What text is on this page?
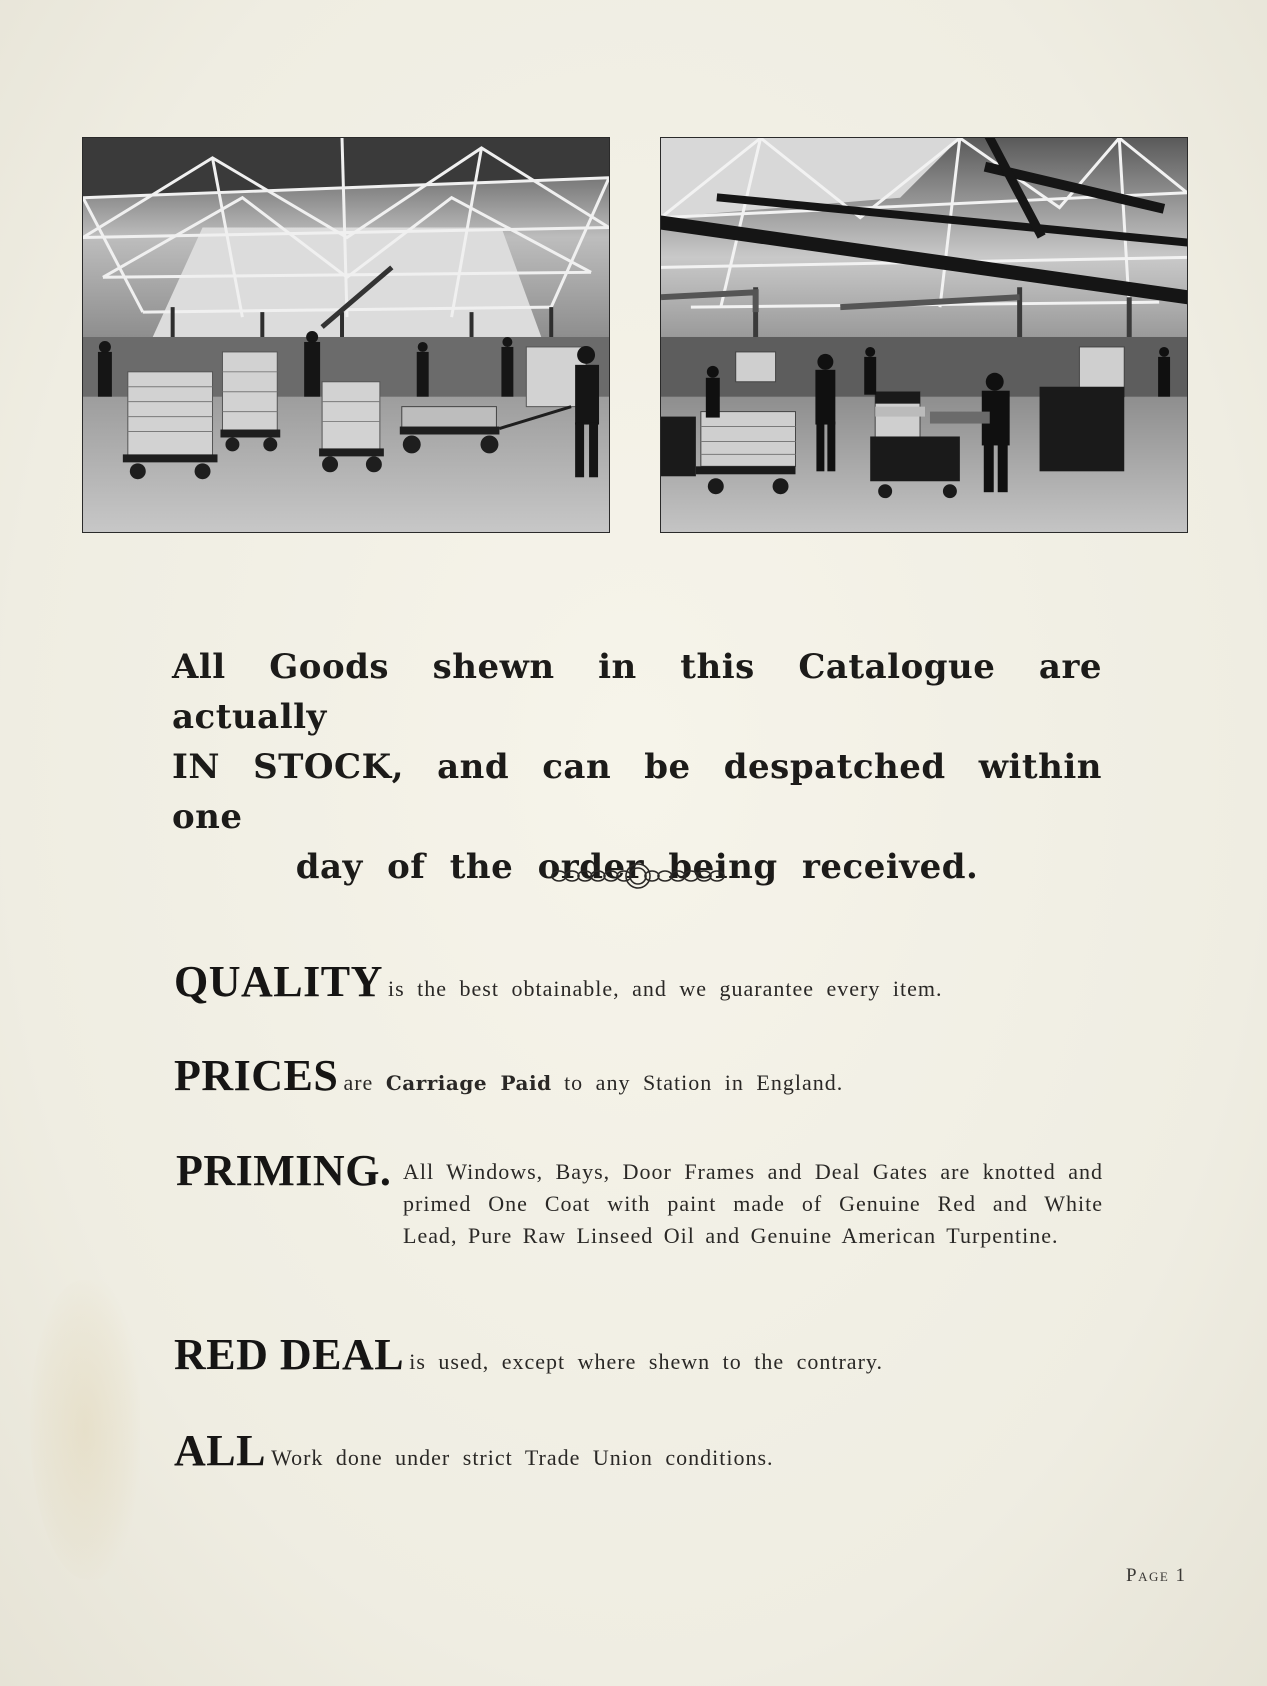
All Goods shewn in this Catalogue are actually
IN STOCK, and can be despatched within one
day of the order being received.
QUALITY is the best obtainable, and we guarantee every item.
PRICES are Carriage Paid to any Station in England.
PRIMING. All Windows, Bays, Door Frames and Deal Gates are knotted and primed One Coat with paint made of Genuine Red and White Lead, Pure Raw Linseed Oil and Genuine American Turpentine.
RED DEAL is used, except where shewn to the contrary.
ALL Work done under strict Trade Union conditions.
Page 1
